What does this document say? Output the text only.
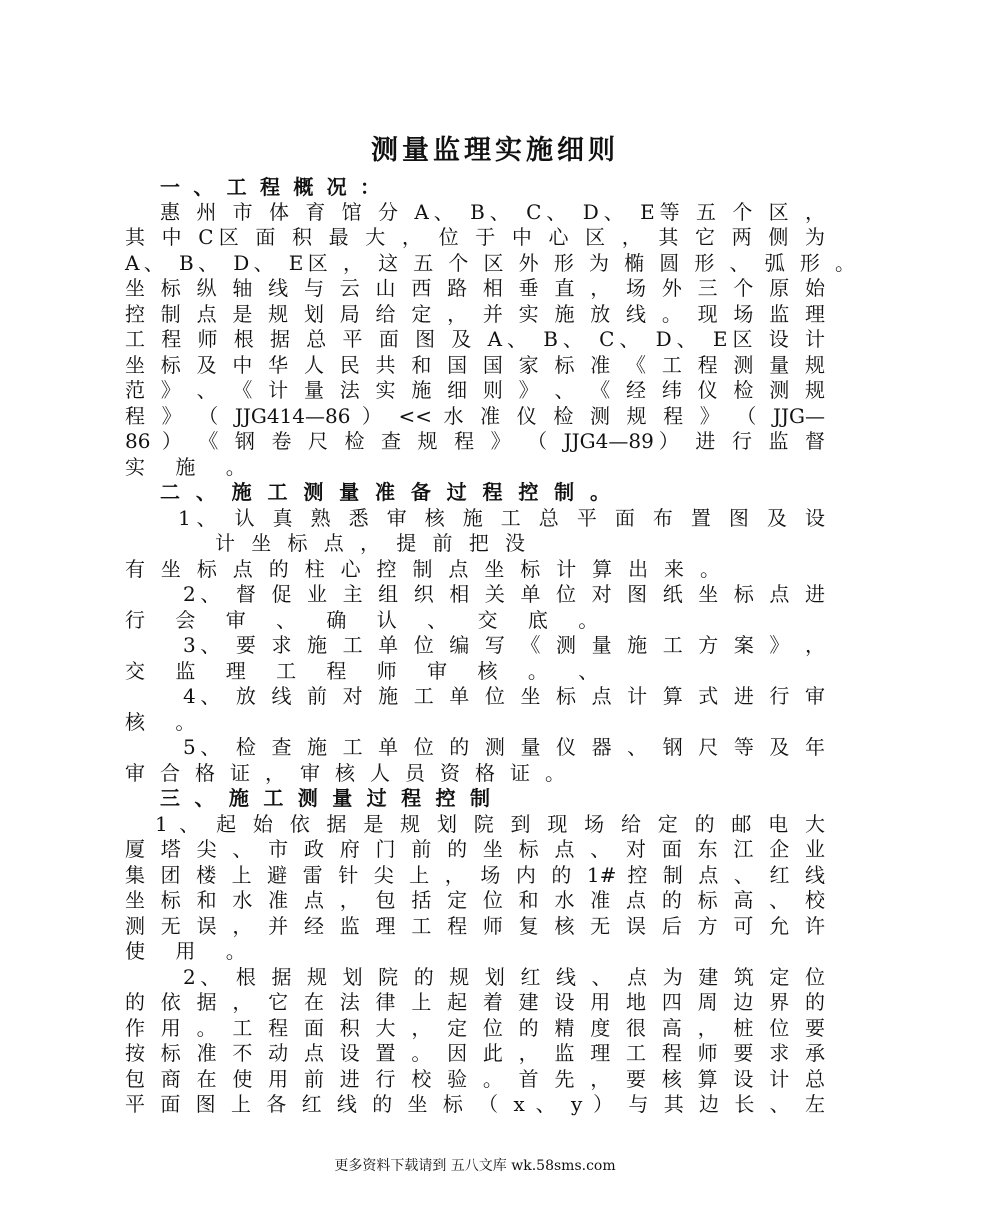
测量监理实施细则
一 、 工 程 概 况 ：
惠 州 市 体 育 馆 分 A、 B、 C、 D、 E等 五 个 区 ，
其 中 C区 面 积 最 大 ， 位 于 中 心 区 ， 其 它 两 侧 为
A、 B、 D、 E区 ， 这 五 个 区 外 形 为 椭 圆 形 、 弧 形 。
坐 标 纵 轴 线 与 云 山 西 路 相 垂 直 ， 场 外 三 个 原 始
控 制 点 是 规 划 局 给 定 ， 并 实 施 放 线 。 现 场 监 理
工 程 师 根 据 总 平 面 图 及 A、 B、 C、 D、 E区 设 计
坐 标 及 中 华 人 民 共 和 国 国 家 标 准 《 工 程 测 量 规
范 》 、 《 计 量 法 实 施 细 则 》 、 《 经 纬 仪 检 测 规
程 》 （ JJG414—86 ） << 水 准 仪 检 测 规 程 》 （ JJG—
86 ） 《 钢 卷 尺 检 查 规 程 》 （ JJG4—89） 进 行 监 督
实 施 。
二 、 施 工 测 量 准 备 过 程 控 制 。
1、 认 真 熟 悉 审 核 施 工 总 平 面 布 置 图 及 设
计 坐 标 点 ， 提 前 把 没
有 坐 标 点 的 柱 心 控 制 点 坐 标 计 算 出 来 。
2、 督 促 业 主 组 织 相 关 单 位 对 图 纸 坐 标 点 进
行 会 审 、 确 认 、 交 底 。
3、 要 求 施 工 单 位 编 写 《 测 量 施 工 方 案 》 ，
交 监 理 工 程 师 审 核 。 、
4、 放 线 前 对 施 工 单 位 坐 标 点 计 算 式 进 行 审
核 。
5、 检 查 施 工 单 位 的 测 量 仪 器 、 钢 尺 等 及 年
审 合 格 证 ， 审 核 人 员 资 格 证 。
三 、 施 工 测 量 过 程 控 制
1 、 起 始 依 据 是 规 划 院 到 现 场 给 定 的 邮 电 大
厦 塔 尖 、 市 政 府 门 前 的 坐 标 点 、 对 面 东 江 企 业
集 团 楼 上 避 雷 针 尖 上 ， 场 内 的 1# 控 制 点 、 红 线
坐 标 和 水 准 点 ， 包 括 定 位 和 水 准 点 的 标 高 、 校
测 无 误 ， 并 经 监 理 工 程 师 复 核 无 误 后 方 可 允 许
使 用 。
2、 根 据 规 划 院 的 规 划 红 线 、 点 为 建 筑 定 位
的 依 据 ， 它 在 法 律 上 起 着 建 设 用 地 四 周 边 界 的
作 用 。 工 程 面 积 大 ， 定 位 的 精 度 很 高 ， 桩 位 要
按 标 准 不 动 点 设 置 。 因 此 ， 监 理 工 程 师 要 求 承
包 商 在 使 用 前 进 行 校 验 。 首 先 ， 要 核 算 设 计 总
平 面 图 上 各 红 线 的 坐 标 （ x 、 y ） 与 其 边 长 、 左
更多资料下载请到 五八文库 wk.58sms.com
